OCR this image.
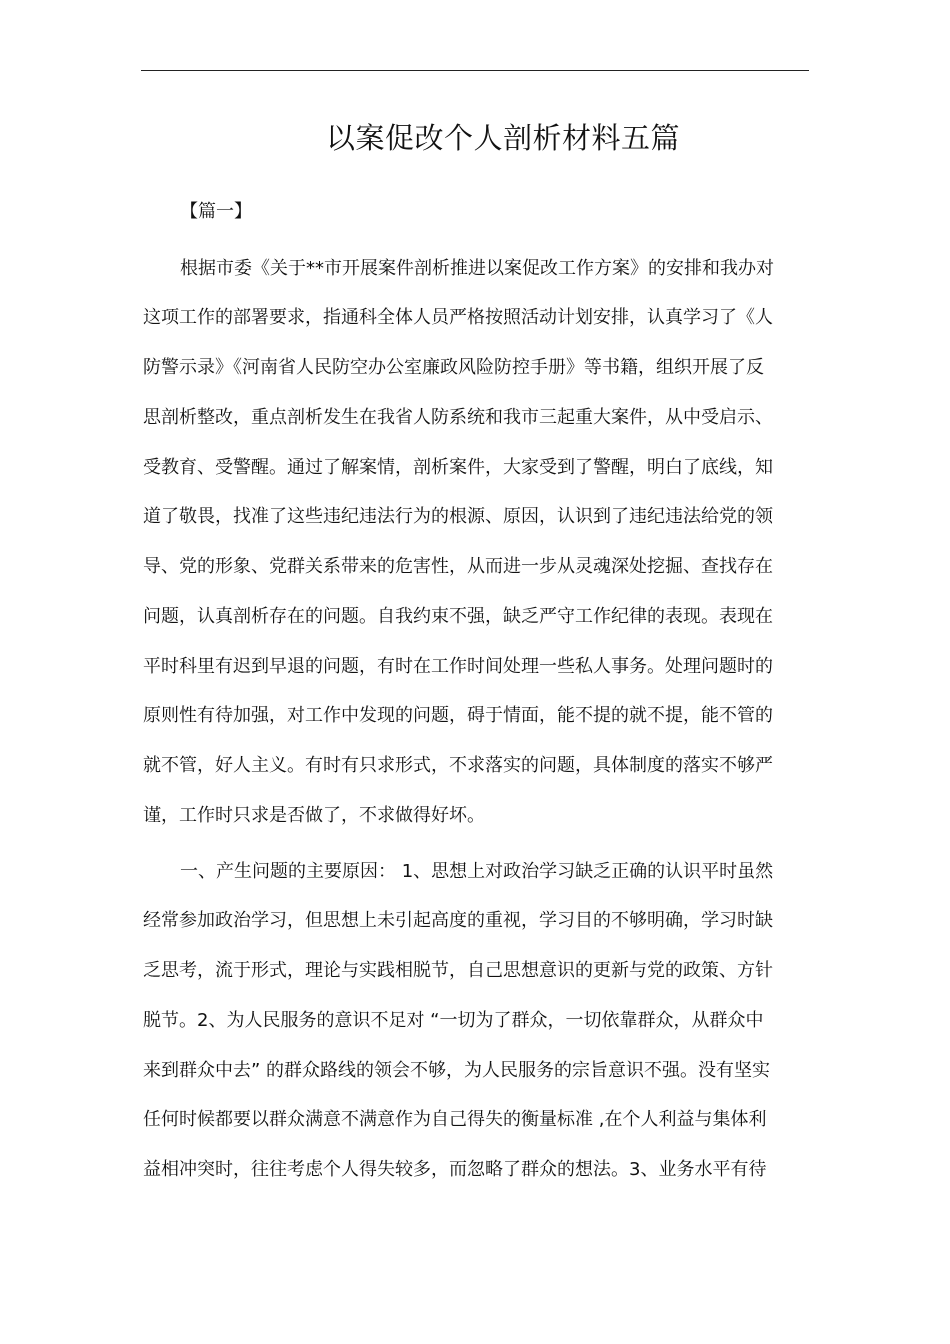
以案促改个人剖析材料五篇
【篇一】
根据市委《关于**市开展案件剖析推进以案促改工作方案》的安排和我办对
这项工作的部署要求，指通科全体人员严格按照活动计划安排，认真学习了《人
防警示录》《河南省人民防空办公室廉政风险防控手册》等书籍，组织开展了反
思剖析整改，重点剖析发生在我省人防系统和我市三起重大案件，从中受启示、
受教育、受警醒。通过了解案情，剖析案件，大家受到了警醒，明白了底线，知
道了敬畏，找准了这些违纪违法行为的根源、原因，认识到了违纪违法给党的领
导、党的形象、党群关系带来的危害性，从而进一步从灵魂深处挖掘、查找存在
问题，认真剖析存在的问题。自我约束不强，缺乏严守工作纪律的表现。表现在
平时科里有迟到早退的问题，有时在工作时间处理一些私人事务。处理问题时的
原则性有待加强，对工作中发现的问题，碍于情面，能不提的就不提，能不管的
就不管，好人主义。有时有只求形式，不求落实的问题，具体制度的落实不够严
谨，工作时只求是否做了，不求做得好坏。
一、产生问题的主要原因： 1、思想上对政治学习缺乏正确的认识平时虽然
经常参加政治学习，但思想上未引起高度的重视，学习目的不够明确，学习时缺
乏思考，流于形式，理论与实践相脱节，自己思想意识的更新与党的政策、方针
脱节。2、为人民服务的意识不足对 “一切为了群众，一切依靠群众，从群众中
来到群众中去” 的群众路线的领会不够，为人民服务的宗旨意识不强。没有坚实
任何时候都要以群众满意不满意作为自己得失的衡量标准 ,在个人利益与集体利
益相冲突时，往往考虑个人得失较多，而忽略了群众的想法。3、业务水平有待
